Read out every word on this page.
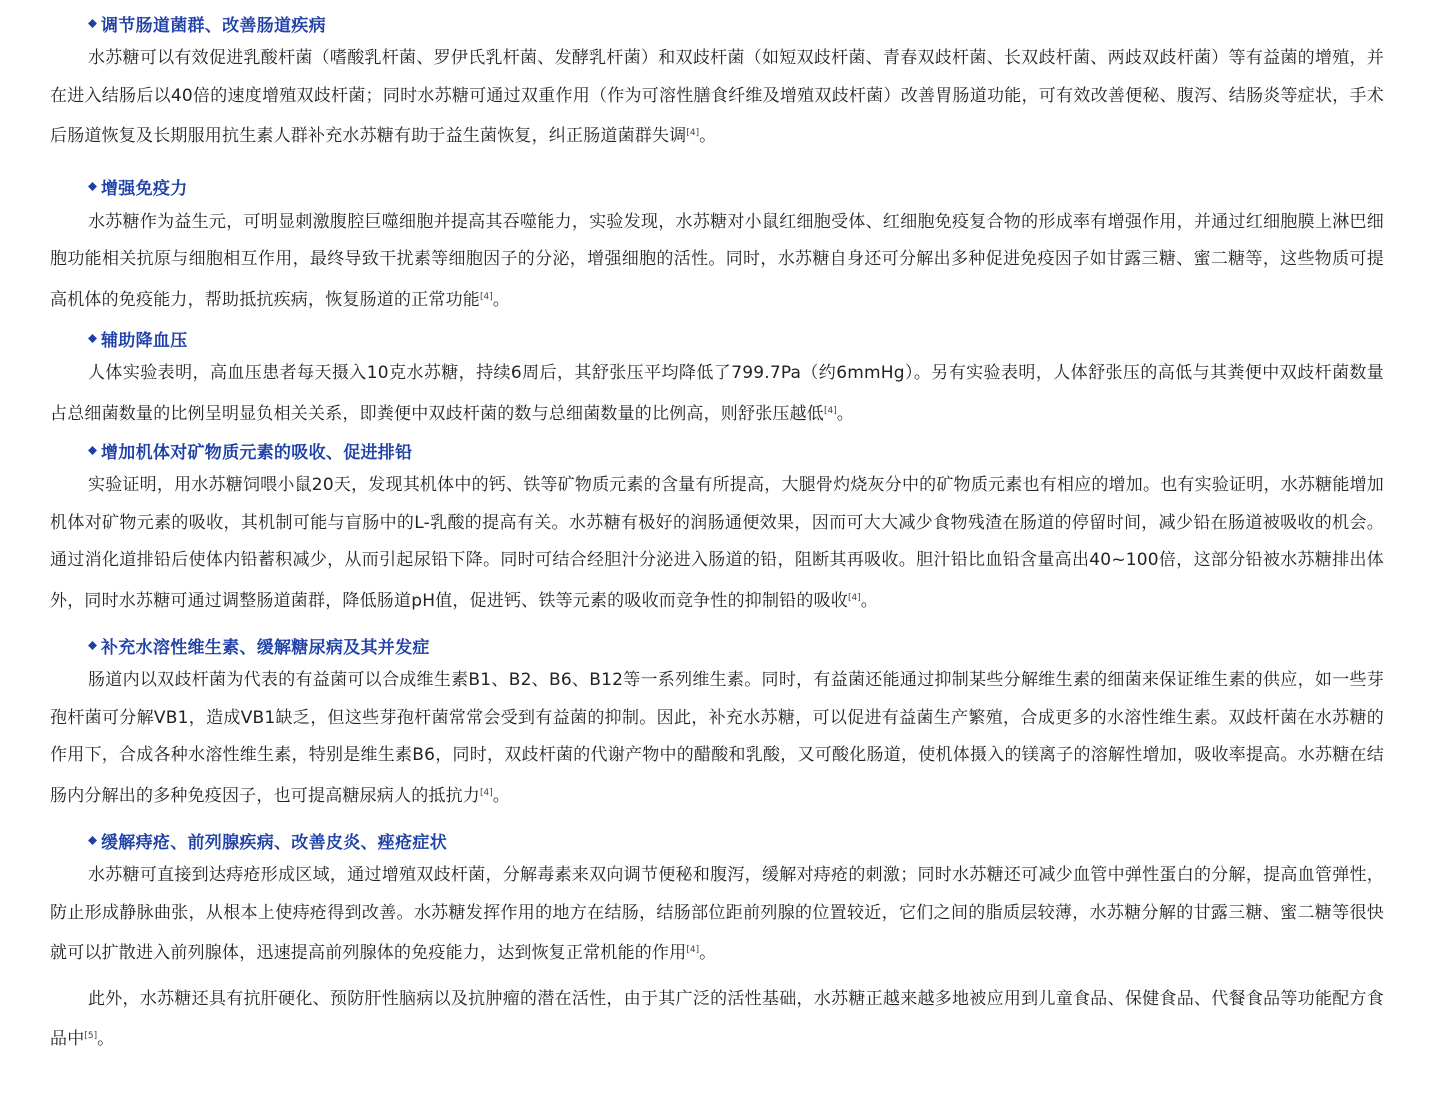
调节肠道菌群、改善肠道疾病

水苏糖可以有效促进乳酸杆菌（嗜酸乳杆菌、罗伊氏乳杆菌、发酵乳杆菌）和双歧杆菌（如短双歧杆菌、青春双歧杆菌、长双歧杆菌、两歧双歧杆菌）等有益菌的增殖，并在进入结肠后以40倍的速度增殖双歧杆菌；同时水苏糖可通过双重作用（作为可溶性膳食纤维及增殖双歧杆菌）改善胃肠道功能，可有效改善便秘、腹泻、结肠炎等症状，手术后肠道恢复及长期服用抗生素人群补充水苏糖有助于益生菌恢复，纠正肠道菌群失调[4]。

增强免疫力

水苏糖作为益生元，可明显刺激腹腔巨噬细胞并提高其吞噬能力，实验发现，水苏糖对小鼠红细胞受体、红细胞免疫复合物的形成率有增强作用，并通过红细胞膜上淋巴细胞功能相关抗原与细胞相互作用，最终导致干扰素等细胞因子的分泌，增强细胞的活性。同时，水苏糖自身还可分解出多种促进免疫因子如甘露三糖、蜜二糖等，这些物质可提高机体的免疫能力，帮助抵抗疾病，恢复肠道的正常功能[4]。

辅助降血压

人体实验表明，高血压患者每天摄入10克水苏糖，持续6周后，其舒张压平均降低了799.7Pa（约6mmHg）。另有实验表明，人体舒张压的高低与其粪便中双歧杆菌数量占总细菌数量的比例呈明显负相关关系，即粪便中双歧杆菌的数与总细菌数量的比例高，则舒张压越低[4]。

增加机体对矿物质元素的吸收、促进排铅

实验证明，用水苏糖饲喂小鼠20天，发现其机体中的钙、铁等矿物质元素的含量有所提高，大腿骨灼烧灰分中的矿物质元素也有相应的增加。也有实验证明，水苏糖能增加机体对矿物元素的吸收，其机制可能与盲肠中的L-乳酸的提高有关。水苏糖有极好的润肠通便效果，因而可大大减少食物残渣在肠道的停留时间，减少铅在肠道被吸收的机会。通过消化道排铅后使体内铅蓄积减少，从而引起尿铅下降。同时可结合经胆汁分泌进入肠道的铅，阻断其再吸收。胆汁铅比血铅含量高出40~100倍，这部分铅被水苏糖排出体外，同时水苏糖可通过调整肠道菌群，降低肠道pH值，促进钙、铁等元素的吸收而竞争性的抑制铅的吸收[4]。

补充水溶性维生素、缓解糖尿病及其并发症

肠道内以双歧杆菌为代表的有益菌可以合成维生素B1、B2、B6、B12等一系列维生素。同时，有益菌还能通过抑制某些分解维生素的细菌来保证维生素的供应，如一些芽孢杆菌可分解VB1，造成VB1缺乏，但这些芽孢杆菌常常会受到有益菌的抑制。因此，补充水苏糖，可以促进有益菌生产繁殖，合成更多的水溶性维生素。双歧杆菌在水苏糖的作用下，合成各种水溶性维生素，特别是维生素B6，同时，双歧杆菌的代谢产物中的醋酸和乳酸，又可酸化肠道，使机体摄入的镁离子的溶解性增加，吸收率提高。水苏糖在结肠内分解出的多种免疫因子，也可提高糖尿病人的抵抗力[4]。

缓解痔疮、前列腺疾病、改善皮炎、痤疮症状

水苏糖可直接到达痔疮形成区域，通过增殖双歧杆菌，分解毒素来双向调节便秘和腹泻，缓解对痔疮的刺激；同时水苏糖还可减少血管中弹性蛋白的分解，提高血管弹性，防止形成静脉曲张，从根本上使痔疮得到改善。水苏糖发挥作用的地方在结肠，结肠部位距前列腺的位置较近，它们之间的脂质层较薄，水苏糖分解的甘露三糖、蜜二糖等很快就可以扩散进入前列腺体，迅速提高前列腺体的免疫能力，达到恢复正常机能的作用[4]。

此外，水苏糖还具有抗肝硬化、预防肝性脑病以及抗肿瘤的潜在活性，由于其广泛的活性基础，水苏糖正越来越多地被应用到儿童食品、保健食品、代餐食品等功能配方食品中[5]。
